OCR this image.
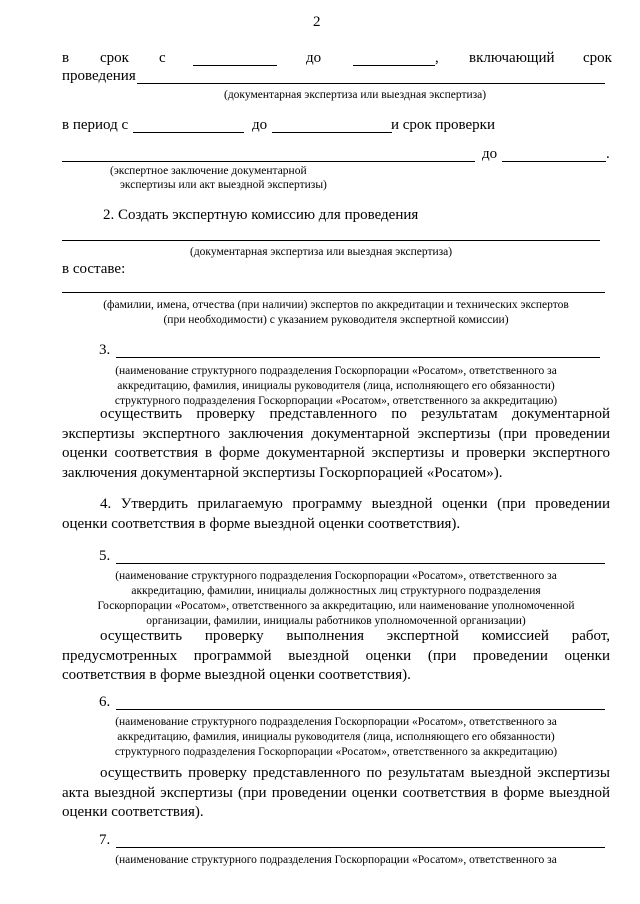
2
в срок с	до	, включающий срок
проведения
(документарная экспертиза или выездная экспертиза)
в период с	до	и срок проверки
до	.
(экспертное заключение документарной
экспертизы или акт выездной экспертизы)
2. Создать экспертную комиссию для проведения
(документарная экспертиза или выездная экспертиза)
в составе:
(фамилии, имена, отчества (при наличии) экспертов по аккредитации и технических экспертов
(при необходимости) с указанием руководителя экспертной комиссии)
3.
(наименование структурного подразделения Госкорпорации «Росатом», ответственного за
аккредитацию, фамилия, инициалы руководителя (лица, исполняющего его обязанности)
структурного подразделения Госкорпорации «Росатом», ответственного за аккредитацию)
осуществить проверку представленного по результатам документарной
экспертизы экспертного заключения документарной экспертизы (при проведении
оценки соответствия в форме документарной экспертизы и проверки экспертного
заключения документарной экспертизы Госкорпорацией «Росатом»).
4. Утвердить прилагаемую программу выездной оценки (при проведении
оценки соответствия в форме выездной оценки соответствия).
5.
(наименование структурного подразделения Госкорпорации «Росатом», ответственного за
аккредитацию, фамилии, инициалы должностных лиц структурного подразделения
Госкорпорации «Росатом», ответственного за аккредитацию, или наименование уполномоченной
организации, фамилии, инициалы работников уполномоченной организации)
осуществить проверку выполнения экспертной комиссией работ,
предусмотренных программой выездной оценки (при проведении оценки
соответствия в форме выездной оценки соответствия).
6.
(наименование структурного подразделения Госкорпорации «Росатом», ответственного за
аккредитацию, фамилия, инициалы руководителя (лица, исполняющего его обязанности)
структурного подразделения Госкорпорации «Росатом», ответственного за аккредитацию)
осуществить проверку представленного по результатам выездной экспертизы
акта выездной экспертизы (при проведении оценки соответствия в форме выездной
оценки соответствия).
7.
(наименование структурного подразделения Госкорпорации «Росатом», ответственного за
